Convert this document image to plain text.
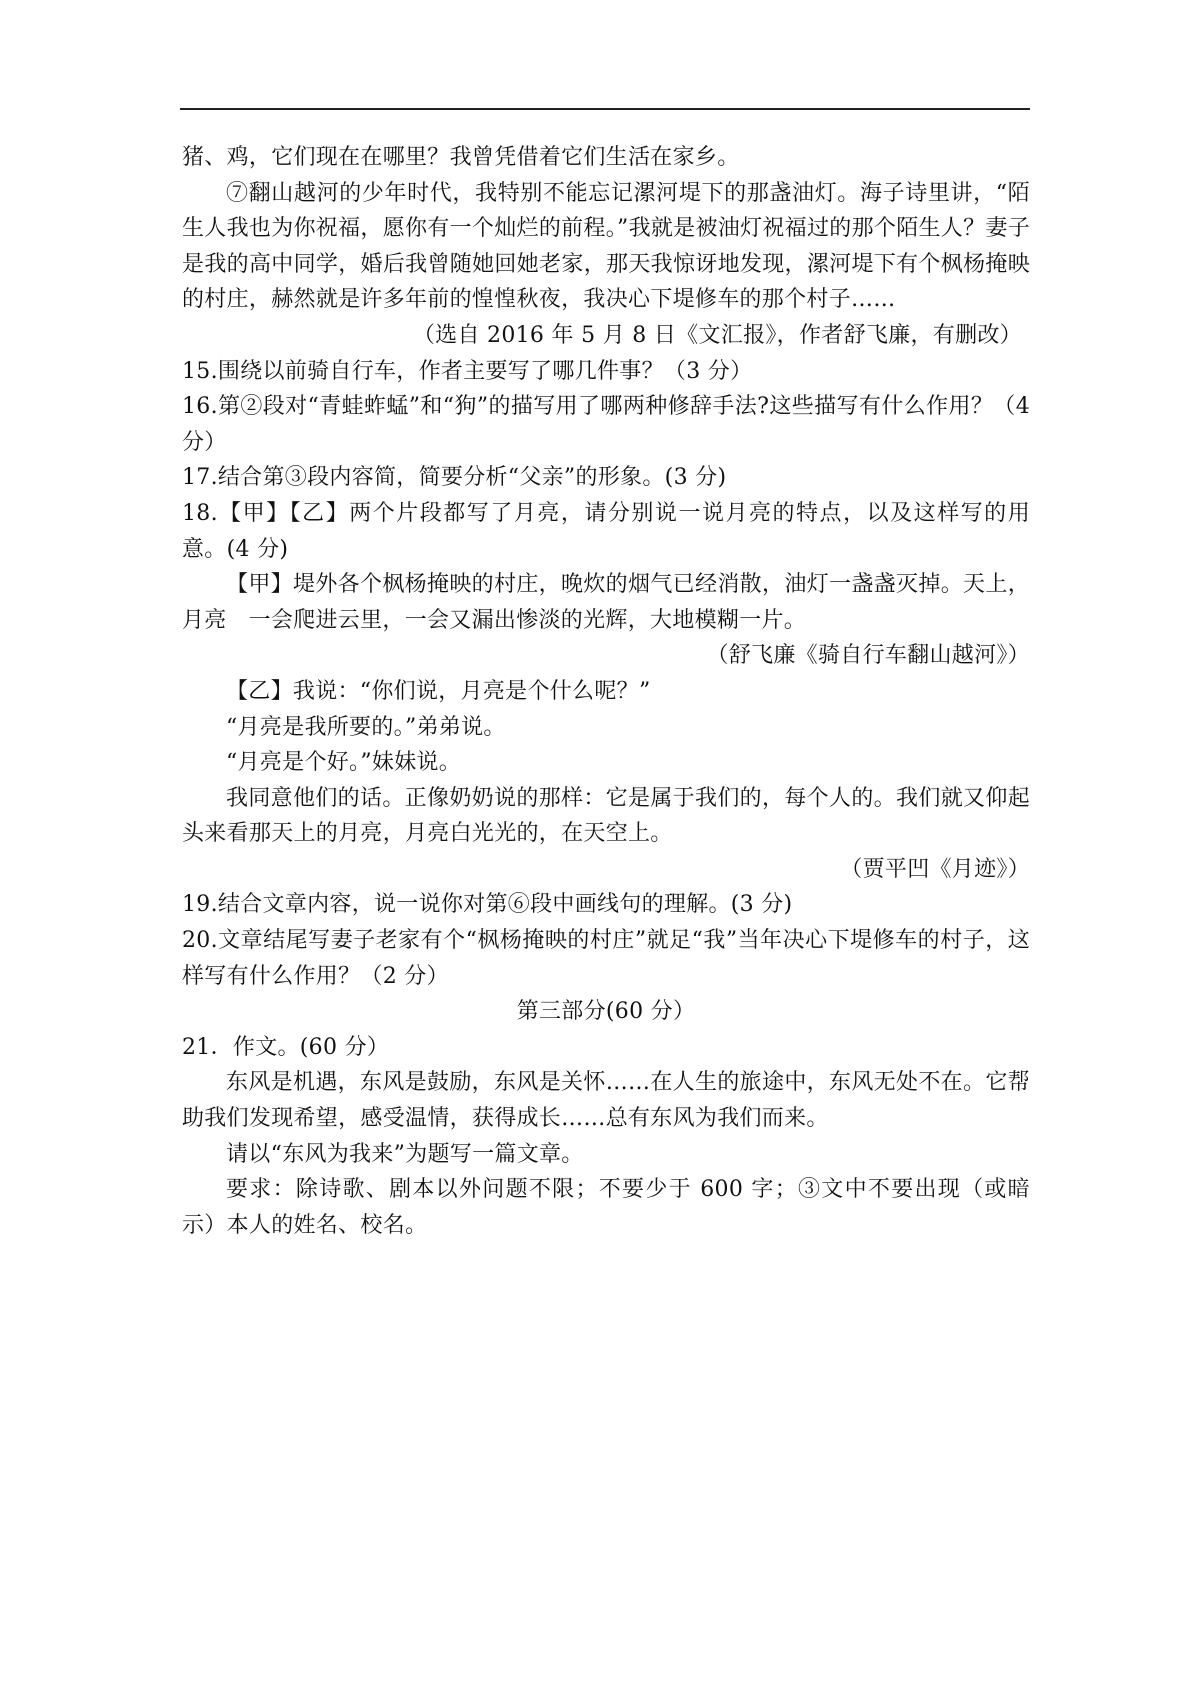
猪、鸡，它们现在在哪里？我曾凭借着它们生活在家乡。

⑦翻山越河的少年时代，我特别不能忘记漯河堤下的那盏油灯。海子诗里讲，“陌生人我也为你祝福，愿你有一个灿烂的前程。”我就是被油灯祝福过的那个陌生人？妻子是我的高中同学，婚后我曾随她回她老家，那天我惊讶地发现，漯河堤下有个枫杨掩映的村庄，赫然就是许多年前的惶惶秋夜，我决心下堤修车的那个村子……

（选自 2016 年 5 月 8 日《文汇报》，作者舒飞廉，有删改）

15.围绕以前骑自行车，作者主要写了哪几件事？（3 分）

16.第②段对“青蛙蚱蜢”和“狗”的描写用了哪两种修辞手法?这些描写有什么作用？（4 分）

17.结合第③段内容简，简要分析“父亲”的形象。(3 分)

18.【甲】【乙】两个片段都写了月亮，请分别说一说月亮的特点，以及这样写的用意。(4 分)

【甲】堤外各个枫杨掩映的村庄，晚炊的烟气已经消散，油灯一盏盏灭掉。天上，月亮 一会爬进云里，一会又漏出惨淡的光辉，大地模糊一片。

（舒飞廉《骑自行车翻山越河》）

【乙】我说：“你们说，月亮是个什么呢？”

“月亮是我所要的。”弟弟说。

“月亮是个好。”妹妹说。

我同意他们的话。正像奶奶说的那样：它是属于我们的，每个人的。我们就又仰起头来看那天上的月亮，月亮白光光的，在天空上。

（贾平凹《月迹》）

19.结合文章内容，说一说你对第⑥段中画线句的理解。(3 分)

20.文章结尾写妻子老家有个“枫杨掩映的村庄”就足“我”当年决心下堤修车的村子，这样写有什么作用？（2 分）

第三部分(60 分）

21．作文。(60 分）

东风是机遇，东风是鼓励，东风是关怀……在人生的旅途中，东风无处不在。它帮助我们发现希望，感受温情，获得成长……总有东风为我们而来。

请以“东风为我来”为题写一篇文章。

要求：除诗歌、剧本以外问题不限；不要少于 600 字；③文中不要出现（或暗示）本人的姓名、校名。
